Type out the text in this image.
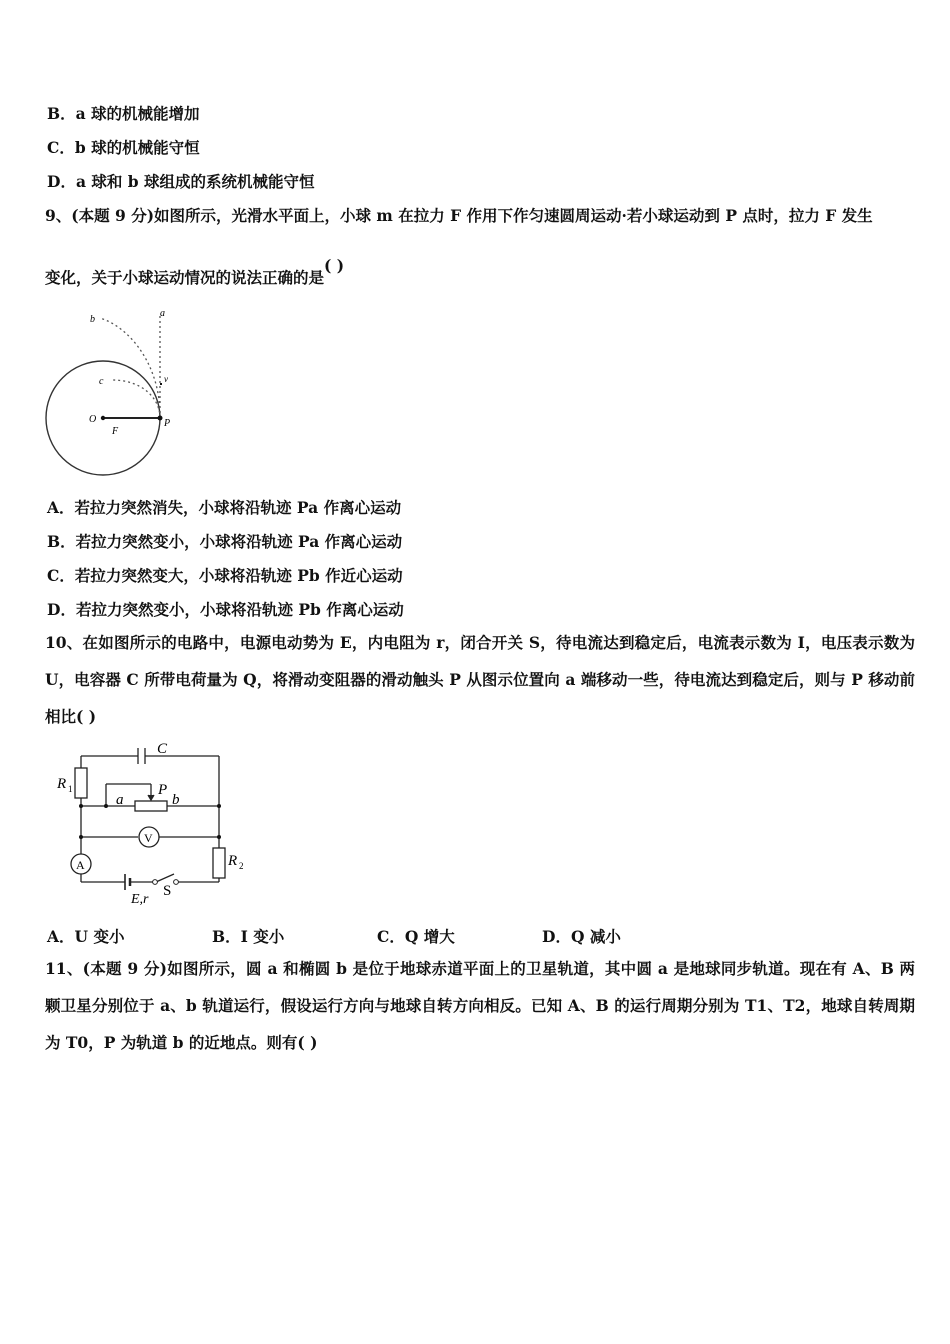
B．a 球的机械能增加
C．b 球的机械能守恒
D．a 球和 b 球组成的系统机械能守恒
9、(本题 9 分)如图所示，光滑水平面上，小球 m 在拉力 F 作用下作匀速圆周运动·若小球运动到 P 点时，拉力 F 发生
变化，关于小球运动情况的说法正确的是( )
b
a
c	v
O
F
P
A．若拉力突然消失，小球将沿轨迹 Pa 作离心运动
B．若拉力突然变小，小球将沿轨迹 Pa 作离心运动
C．若拉力突然变大，小球将沿轨迹 Pb 作近心运动
D．若拉力突然变小，小球将沿轨迹 Pb 作离心运动
10、在如图所示的电路中，电源电动势为 E，内电阻为 r，闭合开关 S，待电流达到稳定后，电流表示数为 I，电压表示数为 U，电容器 C 所带电荷量为 Q，将滑动变阻器的滑动触头 P 从图示位置向 a 端移动一些，待电流达到稳定后，则与 P 移动前相比( )
C
R 1
a
P
b
V
A	R 2
E,r
S
A．U 变小	B．I 变小	C．Q 增大	D．Q 减小
11、(本题 9 分)如图所示，圆 a 和椭圆 b 是位于地球赤道平面上的卫星轨道，其中圆 a 是地球同步轨道。现在有 A、B 两颗卫星分别位于 a、b 轨道运行，假设运行方向与地球自转方向相反。已知 A、B 的运行周期分别为 T1、T2，地球自转周期为 T0，P 为轨道 b 的近地点。则有( )
